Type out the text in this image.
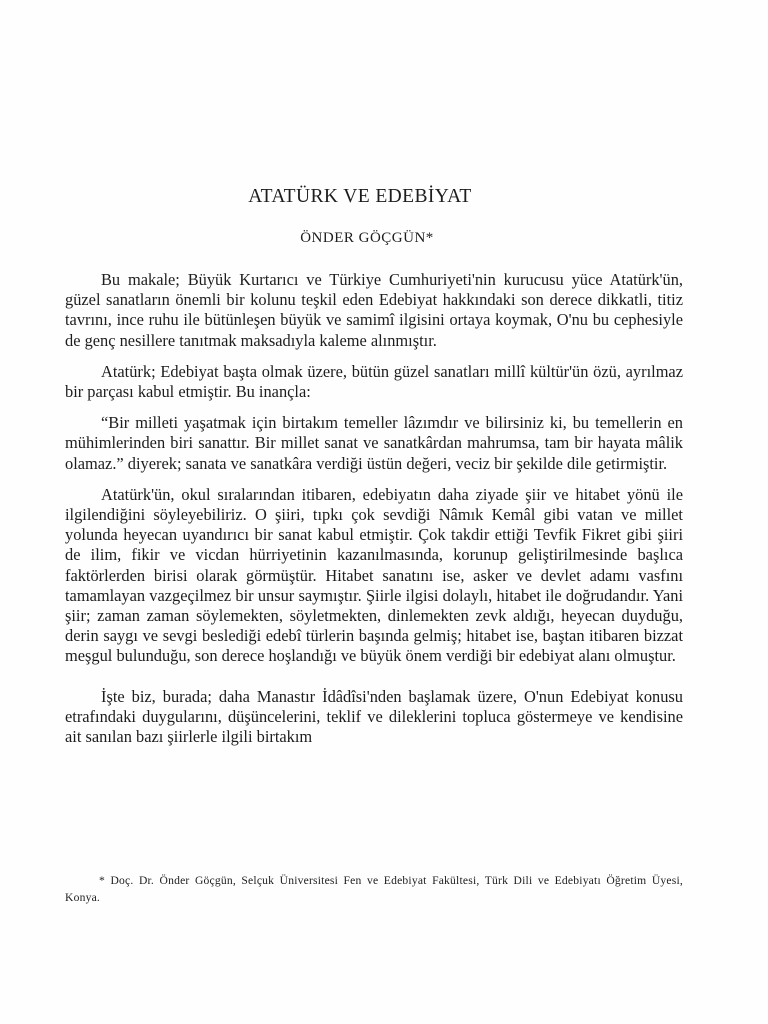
ATATÜRK VE EDEBİYAT
ÖNDER GÖÇGÜN*

Bu makale; Büyük Kurtarıcı ve Türkiye Cumhuriyeti'nin kurucusu yüce Atatürk'ün, güzel sanatların önemli bir kolunu teşkil eden Edebiyat hakkındaki son derece dikkatli, titiz tavrını, ince ruhu ile bütünleşen büyük ve samimî ilgisini ortaya koymak, O'nu bu cephesiyle de genç nesillere tanıtmak maksadıyla kaleme alınmıştır.

Atatürk; Edebiyat başta olmak üzere, bütün güzel sanatları millî kültür'ün özü, ayrılmaz bir parçası kabul etmiştir. Bu inançla:

“Bir milleti yaşatmak için birtakım temeller lâzımdır ve bilirsiniz ki, bu temellerin en mühimlerinden biri sanattır. Bir millet sanat ve sanatkârdan mahrumsa, tam bir hayata mâlik olamaz.” diyerek; sanata ve sanatkâra verdiği üstün değeri, veciz bir şekilde dile getirmiştir.

Atatürk'ün, okul sıralarından itibaren, edebiyatın daha ziyade şiir ve hitabet yönü ile ilgilendiğini söyleyebiliriz. O şiiri, tıpkı çok sevdiği Nâmık Kemâl gibi vatan ve millet yolunda heyecan uyandırıcı bir sanat kabul etmiştir. Çok takdir ettiği Tevfik Fikret gibi şiiri de ilim, fikir ve vicdan hürriyetinin kazanılmasında, korunup geliştirilmesinde başlıca faktörlerden birisi olarak görmüştür. Hitabet sanatını ise, asker ve devlet adamı vasfını tamamlayan vazgeçilmez bir unsur saymıştır. Şiirle ilgisi dolaylı, hitabet ile doğrudandır. Yani şiir; zaman zaman söylemekten, söyletmekten, dinlemekten zevk aldığı, heyecan duyduğu, derin saygı ve sevgi beslediği edebî türlerin başında gelmiş; hitabet ise, baştan itibaren bizzat meşgul bulunduğu, son derece hoşlandığı ve büyük önem verdiği bir edebiyat alanı olmuştur.

İşte biz, burada; daha Manastır İdâdîsi'nden başlamak üzere, O'nun Edebiyat konusu etrafındaki duygularını, düşüncelerini, teklif ve dileklerini topluca göstermeye ve kendisine ait sanılan bazı şiirlerle ilgili birtakım

* Doç. Dr. Önder Göçgün, Selçuk Üniversitesi Fen ve Edebiyat Fakültesi, Türk Dili ve Edebiyatı Öğretim Üyesi, Konya.
